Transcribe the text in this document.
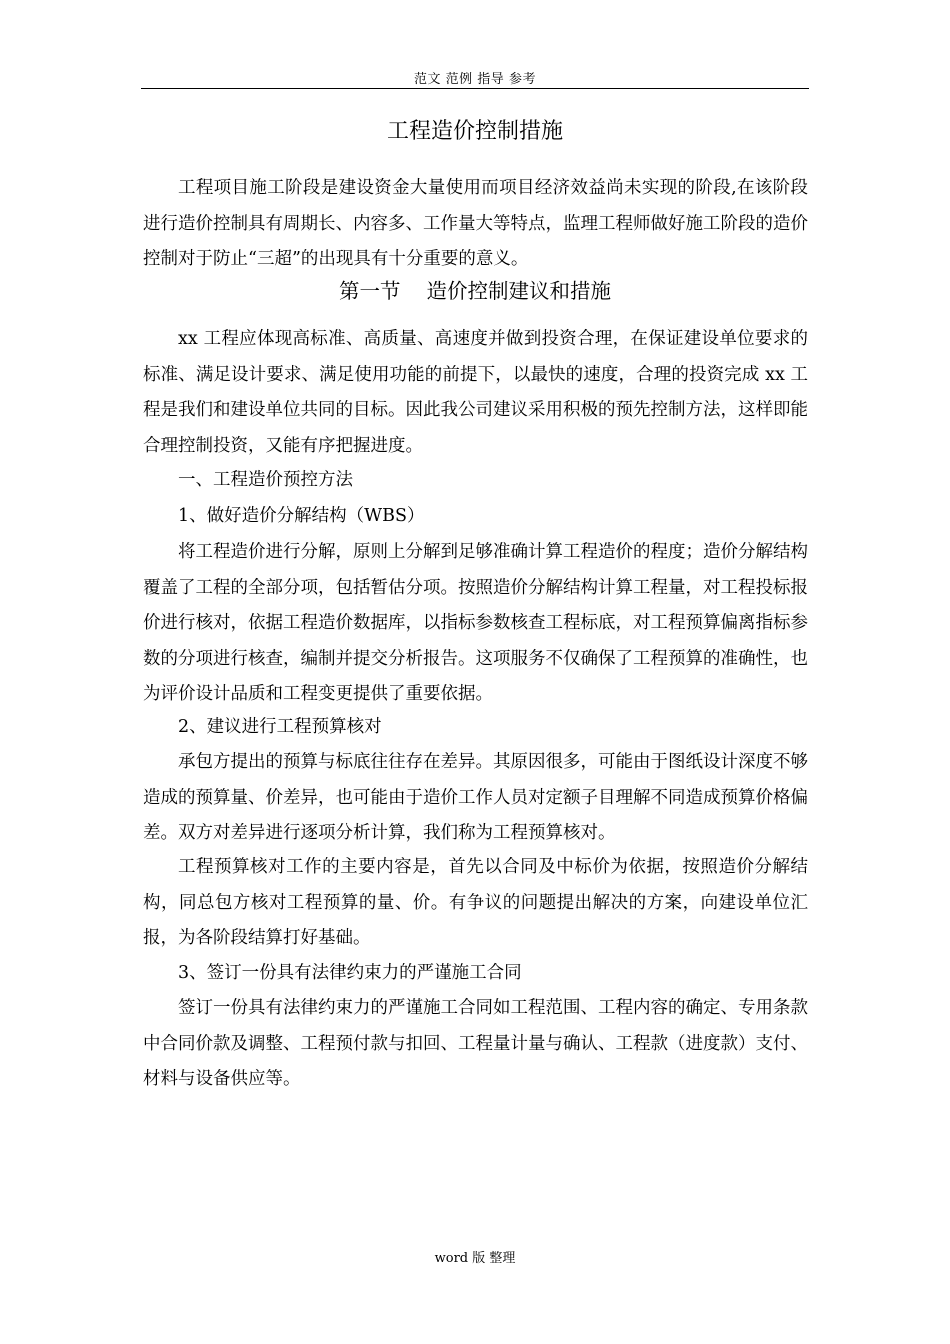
范文 范例 指导 参考
工程造价控制措施

工程项目施工阶段是建设资金大量使用而项目经济效益尚未实现的阶段,在该阶段进行造价控制具有周期长、内容多、工作量大等特点，监理工程师做好施工阶段的造价控制对于防止“三超”的出现具有十分重要的意义。

第一节    造价控制建议和措施

xx 工程应体现高标准、高质量、高速度并做到投资合理，在保证建设单位要求的标准、满足设计要求、满足使用功能的前提下，以最快的速度，合理的投资完成 xx 工程是我们和建设单位共同的目标。因此我公司建议采用积极的预先控制方法，这样即能合理控制投资，又能有序把握进度。

一、工程造价预控方法

1、做好造价分解结构（WBS）

将工程造价进行分解，原则上分解到足够准确计算工程造价的程度；造价分解结构覆盖了工程的全部分项，包括暂估分项。按照造价分解结构计算工程量，对工程投标报价进行核对，依据工程造价数据库，以指标参数核查工程标底，对工程预算偏离指标参数的分项进行核查，编制并提交分析报告。这项服务不仅确保了工程预算的准确性，也为评价设计品质和工程变更提供了重要依据。

2、建议进行工程预算核对

承包方提出的预算与标底往往存在差异。其原因很多，可能由于图纸设计深度不够造成的预算量、价差异，也可能由于造价工作人员对定额子目理解不同造成预算价格偏差。双方对差异进行逐项分析计算，我们称为工程预算核对。

工程预算核对工作的主要内容是，首先以合同及中标价为依据，按照造价分解结构，同总包方核对工程预算的量、价。有争议的问题提出解决的方案，向建设单位汇报，为各阶段结算打好基础。

3、签订一份具有法律约束力的严谨施工合同

签订一份具有法律约束力的严谨施工合同如工程范围、工程内容的确定、专用条款中合同价款及调整、工程预付款与扣回、工程量计量与确认、工程款（进度款）支付、材料与设备供应等。

word 版 整理
